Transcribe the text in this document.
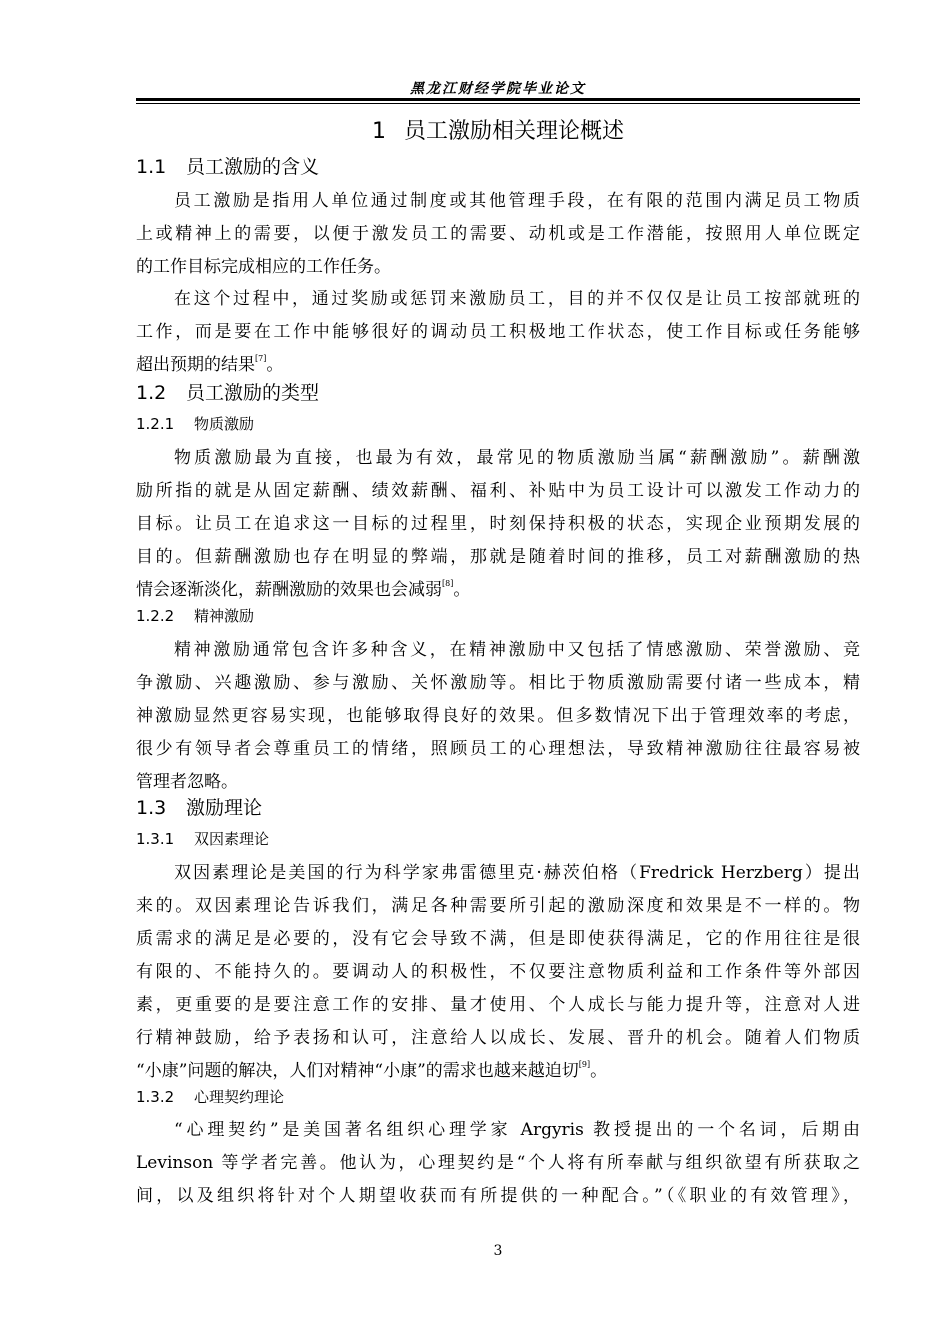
黑龙江财经学院毕业论文
1 员工激励相关理论概述
1.1 员工激励的含义
员工激励是指用人单位通过制度或其他管理手段，在有限的范围内满足员工物质
上或精神上的需要，以便于激发员工的需要、动机或是工作潜能，按照用人单位既定
的工作目标完成相应的工作任务。
在这个过程中，通过奖励或惩罚来激励员工，目的并不仅仅是让员工按部就班的
工作，而是要在工作中能够很好的调动员工积极地工作状态，使工作目标或任务能够
超出预期的结果[7]。
1.2 员工激励的类型
1.2.1 物质激励
物质激励最为直接，也最为有效，最常见的物质激励当属“薪酬激励”。薪酬激
励所指的就是从固定薪酬、绩效薪酬、福利、补贴中为员工设计可以激发工作动力的
目标。让员工在追求这一目标的过程里，时刻保持积极的状态，实现企业预期发展的
目的。但薪酬激励也存在明显的弊端，那就是随着时间的推移，员工对薪酬激励的热
情会逐渐淡化，薪酬激励的效果也会减弱[8]。
1.2.2 精神激励
精神激励通常包含许多种含义，在精神激励中又包括了情感激励、荣誉激励、竞
争激励、兴趣激励、参与激励、关怀激励等。相比于物质激励需要付诸一些成本，精
神激励显然更容易实现，也能够取得良好的效果。但多数情况下出于管理效率的考虑，
很少有领导者会尊重员工的情绪，照顾员工的心理想法，导致精神激励往往最容易被
管理者忽略。
1.3 激励理论
1.3.1 双因素理论
双因素理论是美国的行为科学家弗雷德里克·赫茨伯格（Fredrick Herzberg）提出
来的。双因素理论告诉我们，满足各种需要所引起的激励深度和效果是不一样的。物
质需求的满足是必要的，没有它会导致不满，但是即使获得满足，它的作用往往是很
有限的、不能持久的。要调动人的积极性，不仅要注意物质利益和工作条件等外部因
素，更重要的是要注意工作的安排、量才使用、个人成长与能力提升等，注意对人进
行精神鼓励，给予表扬和认可，注意给人以成长、发展、晋升的机会。随着人们物质
“小康”问题的解决，人们对精神“小康”的需求也越来越迫切[9]。
1.3.2 心理契约理论
“心理契约”是美国著名组织心理学家 Argyris 教授提出的一个名词，后期由
Levinson 等学者完善。他认为，心理契约是“个人将有所奉献与组织欲望有所获取之
间，以及组织将针对个人期望收获而有所提供的一种配合。”（《职业的有效管理》，
3
